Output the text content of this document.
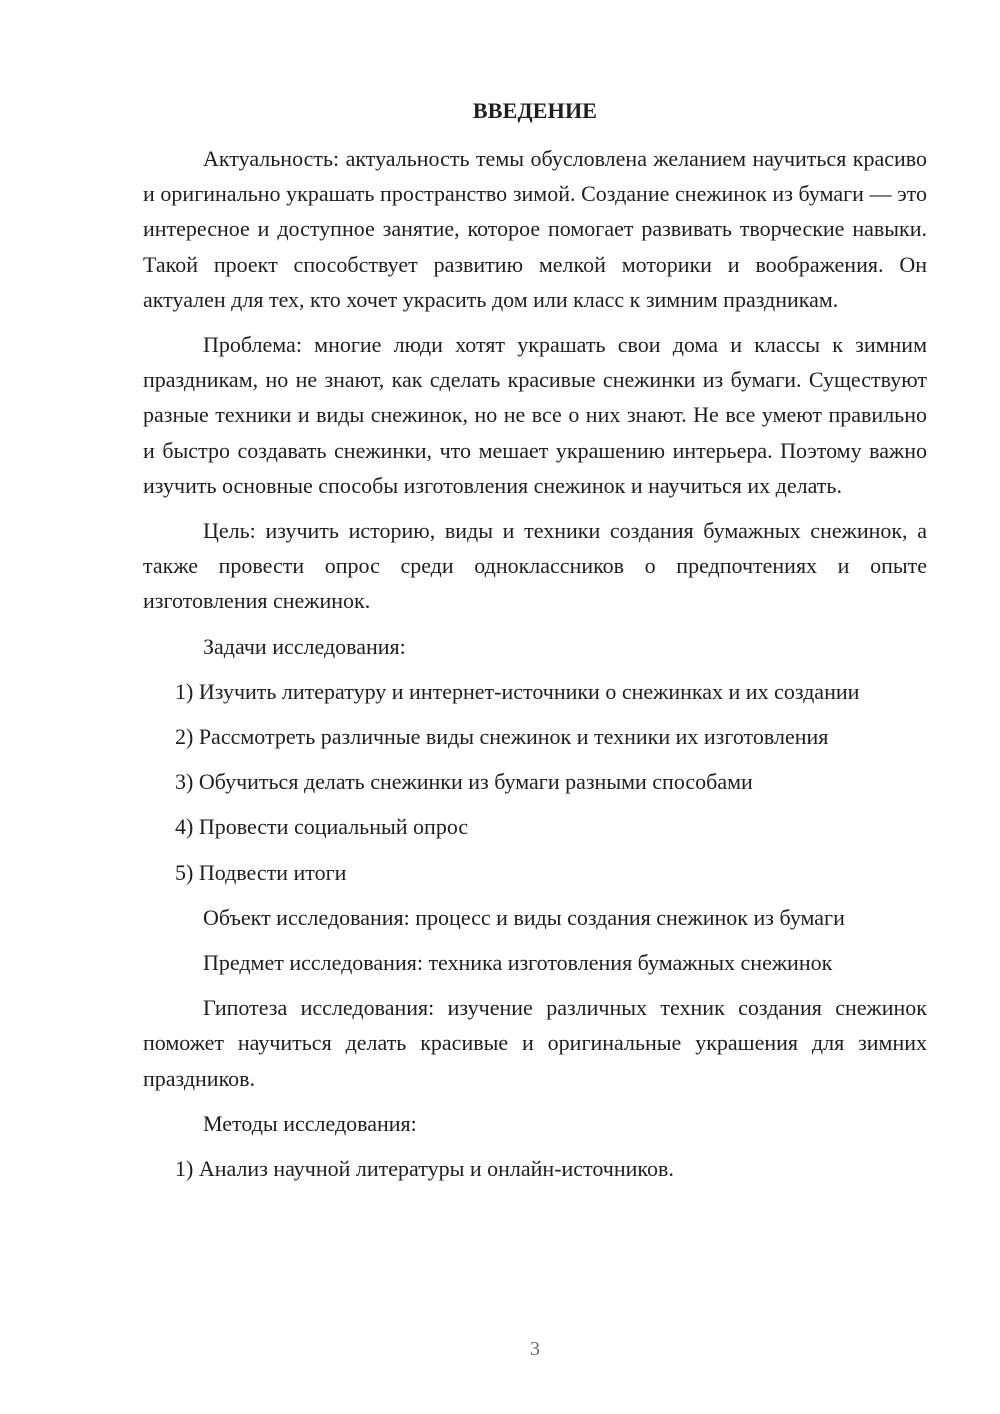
ВВЕДЕНИЕ

Актуальность: актуальность темы обусловлена желанием научиться красиво и оригинально украшать пространство зимой. Создание снежинок из бумаги — это интересное и доступное занятие, которое помогает развивать творческие навыки. Такой проект способствует развитию мелкой моторики и воображения. Он актуален для тех, кто хочет украсить дом или класс к зимним праздникам.

Проблема: многие люди хотят украшать свои дома и классы к зимним праздникам, но не знают, как сделать красивые снежинки из бумаги. Существуют разные техники и виды снежинок, но не все о них знают. Не все умеют правильно и быстро создавать снежинки, что мешает украшению интерьера. Поэтому важно изучить основные способы изготовления снежинок и научиться их делать.

Цель: изучить историю, виды и техники создания бумажных снежинок, а также провести опрос среди одноклассников о предпочтениях и опыте изготовления снежинок.

Задачи исследования:

1) Изучить литературу и интернет-источники о снежинках и их создании

2) Рассмотреть различные виды снежинок и техники их изготовления

3) Обучиться делать снежинки из бумаги разными способами

4) Провести социальный опрос

5) Подвести итоги

Объект исследования: процесс и виды создания снежинок из бумаги

Предмет исследования: техника изготовления бумажных снежинок

Гипотеза исследования: изучение различных техник создания снежинок поможет научиться делать красивые и оригинальные украшения для зимних праздников.

Методы исследования:

1) Анализ научной литературы и онлайн-источников.

3
